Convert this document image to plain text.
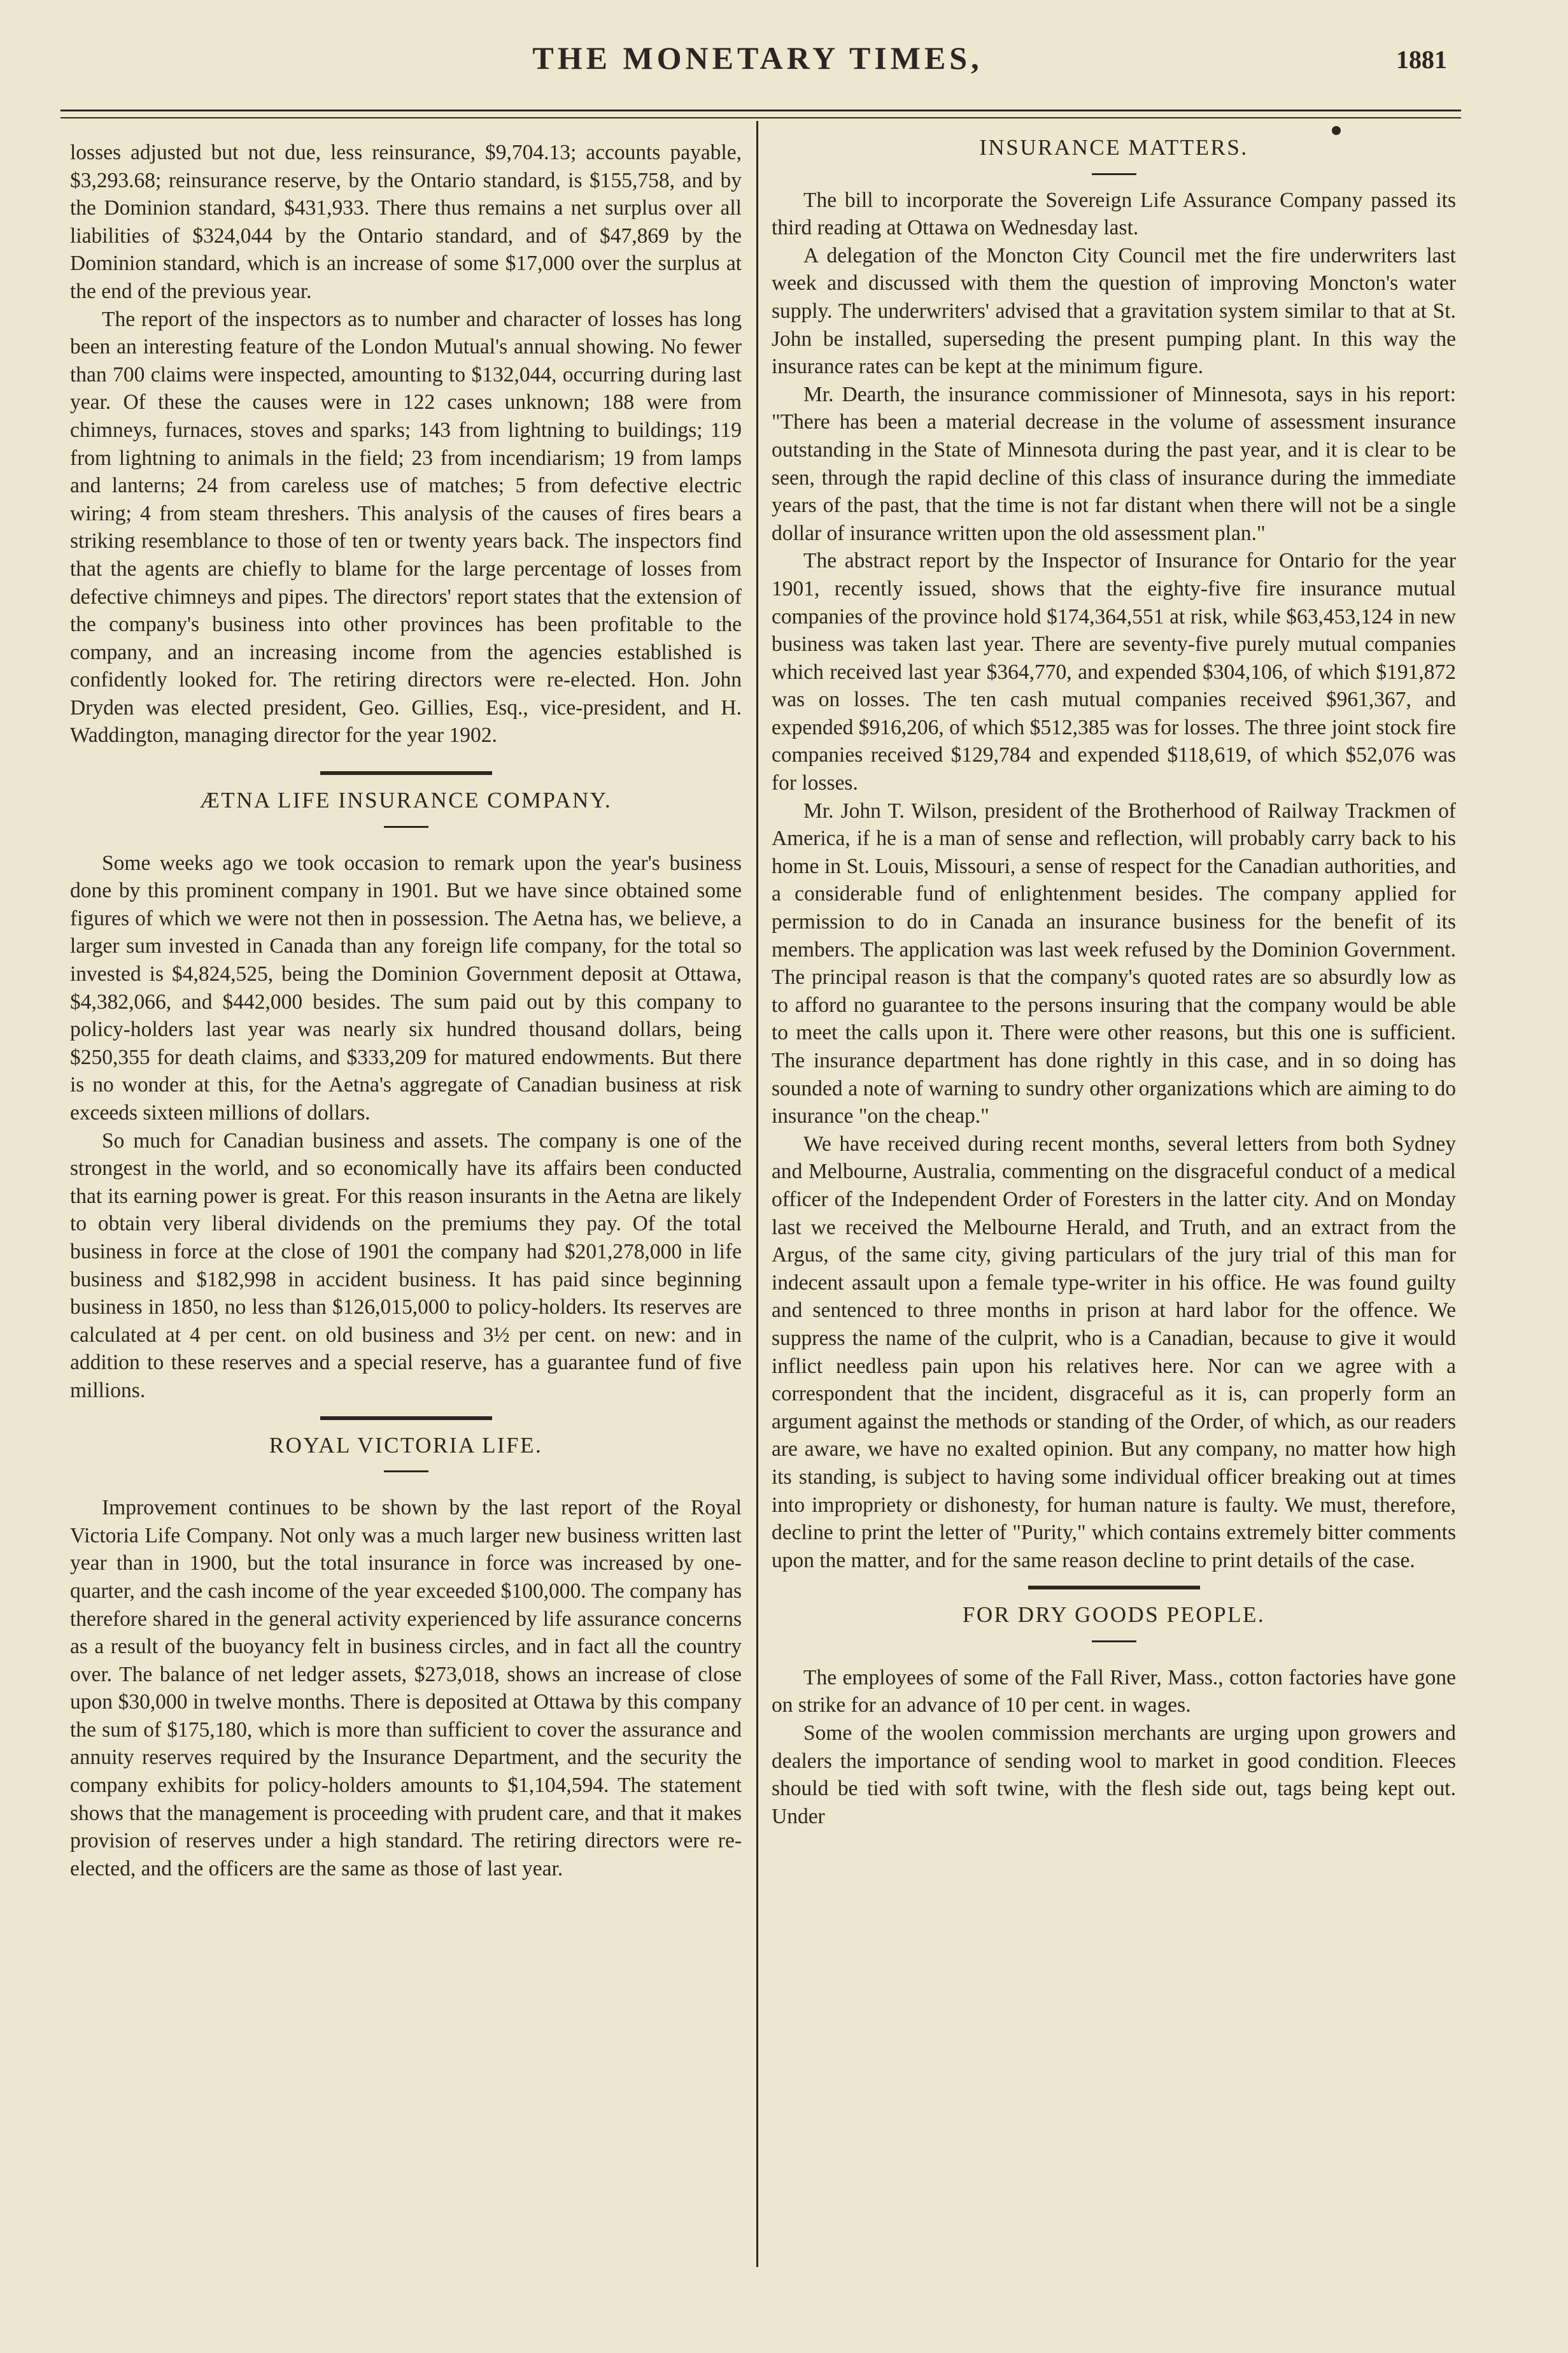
THE MONETARY TIMES,	1881

losses adjusted but not due, less reinsurance, $9,704.13; accounts payable, $3,293.68; reinsurance reserve, by the Ontario standard, is $155,758, and by the Dominion standard, $431,933. There thus remains a net surplus over all liabilities of $324,044 by the Ontario standard, and of $47,869 by the Dominion standard, which is an increase of some $17,000 over the surplus at the end of the previous year.

The report of the inspectors as to number and character of losses has long been an interesting feature of the London Mutual's annual showing. No fewer than 700 claims were inspected, amounting to $132,044, occurring during last year. Of these the causes were in 122 cases unknown; 188 were from chimneys, furnaces, stoves and sparks; 143 from lightning to buildings; 119 from lightning to animals in the field; 23 from incendiarism; 19 from lamps and lanterns; 24 from careless use of matches; 5 from defective electric wiring; 4 from steam threshers. This analysis of the causes of fires bears a striking resemblance to those of ten or twenty years back. The inspectors find that the agents are chiefly to blame for the large percentage of losses from defective chimneys and pipes. The directors' report states that the extension of the company's business into other provinces has been profitable to the company, and an increasing income from the agencies established is confidently looked for. The retiring directors were re-elected. Hon. John Dryden was elected president, Geo. Gillies, Esq., vice-president, and H. Waddington, managing director for the year 1902.

ÆTNA LIFE INSURANCE COMPANY.

Some weeks ago we took occasion to remark upon the year's business done by this prominent company in 1901. But we have since obtained some figures of which we were not then in possession. The Aetna has, we believe, a larger sum invested in Canada than any foreign life company, for the total so invested is $4,824,525, being the Dominion Government deposit at Ottawa, $4,382,066, and $442,000 besides. The sum paid out by this company to policy-holders last year was nearly six hundred thousand dollars, being $250,355 for death claims, and $333,209 for matured endowments. But there is no wonder at this, for the Aetna's aggregate of Canadian business at risk exceeds sixteen millions of dollars.

So much for Canadian business and assets. The company is one of the strongest in the world, and so economically have its affairs been conducted that its earning power is great. For this reason insurants in the Aetna are likely to obtain very liberal dividends on the premiums they pay. Of the total business in force at the close of 1901 the company had $201,278,000 in life business and $182,998 in accident business. It has paid since beginning business in 1850, no less than $126,015,000 to policy-holders. Its reserves are calculated at 4 per cent. on old business and 3½ per cent. on new: and in addition to these reserves and a special reserve, has a guarantee fund of five millions.

ROYAL VICTORIA LIFE.

Improvement continues to be shown by the last report of the Royal Victoria Life Company. Not only was a much larger new business written last year than in 1900, but the total insurance in force was increased by one-quarter, and the cash income of the year exceeded $100,000. The company has therefore shared in the general activity experienced by life assurance concerns as a result of the buoyancy felt in business circles, and in fact all the country over. The balance of net ledger assets, $273,018, shows an increase of close upon $30,000 in twelve months. There is deposited at Ottawa by this company the sum of $175,180, which is more than sufficient to cover the assurance and annuity reserves required by the Insurance Department, and the security the company exhibits for policy-holders amounts to $1,104,594. The statement shows that the management is proceeding with prudent care, and that it makes provision of reserves under a high standard. The retiring directors were re-elected, and the officers are the same as those of last year.

INSURANCE MATTERS.

The bill to incorporate the Sovereign Life Assurance Company passed its third reading at Ottawa on Wednesday last.

A delegation of the Moncton City Council met the fire underwriters last week and discussed with them the question of improving Moncton's water supply. The underwriters' advised that a gravitation system similar to that at St. John be installed, superseding the present pumping plant. In this way the insurance rates can be kept at the minimum figure.

Mr. Dearth, the insurance commissioner of Minnesota, says in his report: "There has been a material decrease in the volume of assessment insurance outstanding in the State of Minnesota during the past year, and it is clear to be seen, through the rapid decline of this class of insurance during the immediate years of the past, that the time is not far distant when there will not be a single dollar of insurance written upon the old assessment plan."

The abstract report by the Inspector of Insurance for Ontario for the year 1901, recently issued, shows that the eighty-five fire insurance mutual companies of the province hold $174,364,551 at risk, while $63,453,124 in new business was taken last year. There are seventy-five purely mutual companies which received last year $364,770, and expended $304,106, of which $191,872 was on losses. The ten cash mutual companies received $961,367, and expended $916,206, of which $512,385 was for losses. The three joint stock fire companies received $129,784 and expended $118,619, of which $52,076 was for losses.

Mr. John T. Wilson, president of the Brotherhood of Railway Trackmen of America, if he is a man of sense and reflection, will probably carry back to his home in St. Louis, Missouri, a sense of respect for the Canadian authorities, and a considerable fund of enlightenment besides. The company applied for permission to do in Canada an insurance business for the benefit of its members. The application was last week refused by the Dominion Government. The principal reason is that the company's quoted rates are so absurdly low as to afford no guarantee to the persons insuring that the company would be able to meet the calls upon it. There were other reasons, but this one is sufficient. The insurance department has done rightly in this case, and in so doing has sounded a note of warning to sundry other organizations which are aiming to do insurance "on the cheap."

We have received during recent months, several letters from both Sydney and Melbourne, Australia, commenting on the disgraceful conduct of a medical officer of the Independent Order of Foresters in the latter city. And on Monday last we received the Melbourne Herald, and Truth, and an extract from the Argus, of the same city, giving particulars of the jury trial of this man for indecent assault upon a female type-writer in his office. He was found guilty and sentenced to three months in prison at hard labor for the offence. We suppress the name of the culprit, who is a Canadian, because to give it would inflict needless pain upon his relatives here. Nor can we agree with a correspondent that the incident, disgraceful as it is, can properly form an argument against the methods or standing of the Order, of which, as our readers are aware, we have no exalted opinion. But any company, no matter how high its standing, is subject to having some individual officer breaking out at times into impropriety or dishonesty, for human nature is faulty. We must, therefore, decline to print the letter of "Purity," which contains extremely bitter comments upon the matter, and for the same reason decline to print details of the case.

FOR DRY GOODS PEOPLE.

The employees of some of the Fall River, Mass., cotton factories have gone on strike for an advance of 10 per cent. in wages.

Some of the woolen commission merchants are urging upon growers and dealers the importance of sending wool to market in good condition. Fleeces should be tied with soft twine, with the flesh side out, tags being kept out. Under
